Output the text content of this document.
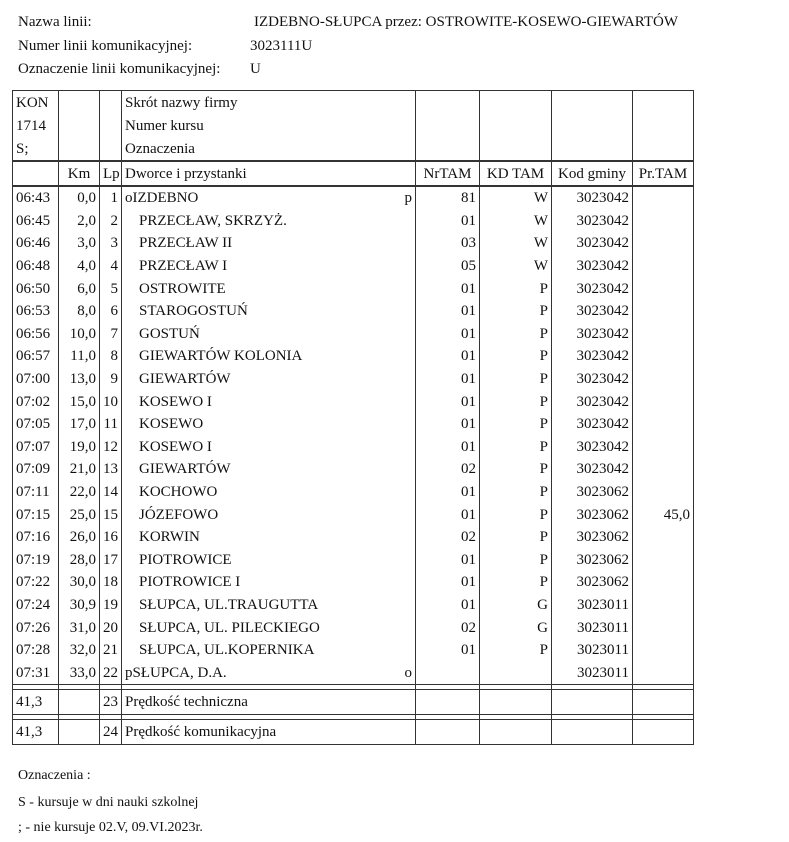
Nazwa linii:	IZDEBNO-SŁUPCA przez: OSTROWITE-KOSEWO-GIEWARTÓW
Numer linii komunikacyjnej:	3023111U
Oznaczenie linii komunikacyjnej: U
KON			Skrót nazwy firmy				
1714			Numer kursu				
S;			Oznaczenia				
	Km	Lp	Dworce i przystanki	NrTAM	KD TAM	Kod gminy	Pr.TAM
06:43	0,0	1	oIZDEBNO p	81	W	3023042	
06:45	2,0	2	PRZECŁAW, SKRZYŻ.	01	W	3023042	
06:46	3,0	3	PRZECŁAW II	03	W	3023042	
06:48	4,0	4	PRZECŁAW I	05	W	3023042	
06:50	6,0	5	OSTROWITE	01	P	3023042	
06:53	8,0	6	STAROGOSTUŃ	01	P	3023042	
06:56	10,0	7	GOSTUŃ	01	P	3023042	
06:57	11,0	8	GIEWARTÓW KOLONIA	01	P	3023042	
07:00	13,0	9	GIEWARTÓW	01	P	3023042	
07:02	15,0	10	KOSEWO I	01	P	3023042	
07:05	17,0	11	KOSEWO	01	P	3023042	
07:07	19,0	12	KOSEWO I	01	P	3023042	
07:09	21,0	13	GIEWARTÓW	02	P	3023042	
07:11	22,0	14	KOCHOWO	01	P	3023062	
07:15	25,0	15	JÓZEFOWO	01	P	3023062	45,0
07:16	26,0	16	KORWIN	02	P	3023062	
07:19	28,0	17	PIOTROWICE	01	P	3023062	
07:22	30,0	18	PIOTROWICE I	01	P	3023062	
07:24	30,9	19	SŁUPCA, UL.TRAUGUTTA	01	G	3023011	
07:26	31,0	20	SŁUPCA, UL. PILECKIEGO	02	G	3023011	
07:28	32,0	21	SŁUPCA, UL.KOPERNIKA	01	P	3023011	
07:31	33,0	22	pSŁUPCA, D.A. o			3023011	

41,3		23	Prędkość techniczna				

41,3		24	Prędkość komunikacyjna				
Oznaczenia :
S - kursuje w dni nauki szkolnej
; - nie kursuje 02.V, 09.VI.2023r.
